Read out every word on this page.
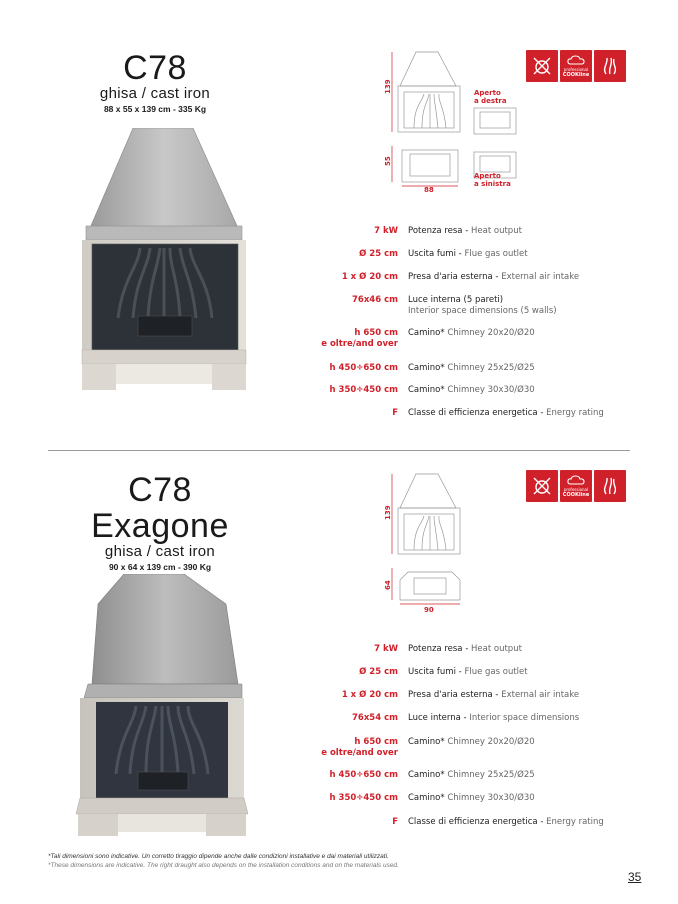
C78
ghisa / cast iron
88 x 55 x 139 cm - 335 Kg
139
55
88
Aperto
a destra
Aperto
a sinistra
professional
COOKline
7 kW Potenza resa - Heat output
Ø 25 cm Uscita fumi - Flue gas outlet
1 x Ø 20 cm Presa d'aria esterna - External air intake
76x46 cm Luce interna (5 pareti)
Interior space dimensions (5 walls)
h 650 cm
e oltre/and over
Camino* Chimney 20x20/Ø20
h 450÷650 cm Camino* Chimney 25x25/Ø25
h 350÷450 cm Camino* Chimney 30x30/Ø30
F Classe di efficienza energetica - Energy rating
C78 Exagone
ghisa / cast iron
90 x 64 x 139 cm - 390 Kg
139
64
90
professional
COOKline
7 kW Potenza resa - Heat output
Ø 25 cm Uscita fumi - Flue gas outlet
1 x Ø 20 cm Presa d'aria esterna - External air intake
76x54 cm Luce interna - Interior space dimensions
h 650 cm
e oltre/and over
Camino* Chimney 20x20/Ø20
h 450÷650 cm Camino* Chimney 25x25/Ø25
h 350÷450 cm Camino* Chimney 30x30/Ø30
F Classe di efficienza energetica - Energy rating
*Tali dimensioni sono indicative. Un corretto tiraggio dipende anche dalle condizioni installative e dai materiali utilizzati.
*These dimensions are indicative. The right draught also depends on the installation conditions and on the materials used.
35
